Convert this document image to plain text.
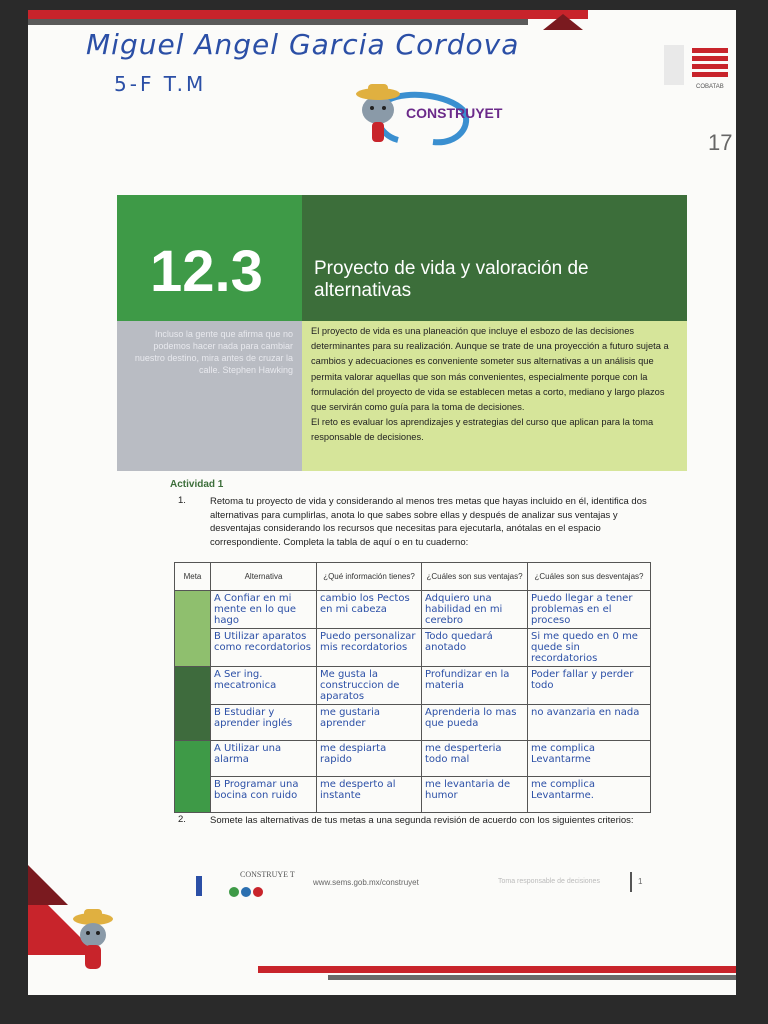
Miguel Angel Garcia Cordova
5-F T.M
CONSTRUYET
COBATAB
17
12.3	Proyecto de vida y valoración de alternativas
Incluso la gente que afirma que no podemos hacer nada para cambiar nuestro destino, mira antes de cruzar la calle. Stephen Hawking

El proyecto de vida es una planeación que incluye el esbozo de las decisiones determinantes para su realización. Aunque se trate de una proyección a futuro sujeta a cambios y adecuaciones es conveniente someter sus alternativas a un análisis que permita valorar aquellas que son más convenientes, especialmente porque con la formulación del proyecto de vida se establecen metas a corto, mediano y largo plazos que servirán como guía para la toma de decisiones.

El reto es evaluar los aprendizajes y estrategias del curso que aplican para la toma responsable de decisiones.

Actividad 1
1.	Retoma tu proyecto de vida y considerando al menos tres metas que hayas incluido en él, identifica dos alternativas para cumplirlas, anota lo que sabes sobre ellas y después de analizar sus ventajas y desventajas considerando los recursos que necesitas para ejecutarla, anótalas en el espacio correspondiente. Completa la tabla de aquí o en tu cuaderno:
Meta	Alternativa	¿Qué información tienes?	¿Cuáles son sus ventajas?	¿Cuáles son sus desventajas?
	A Confiar en mi mente en lo que hago	cambio los Pectos en mi cabeza	Adquiero una habilidad en mi cerebro	Puedo llegar a tener problemas en el proceso
	B Utilizar aparatos como recordatorios	Puedo personalizar mis recordatorios	Todo quedará anotado	Si me quedo en 0 me quede sin recordatorios
	A Ser ing. mecatronica	Me gusta la construccion de aparatos	Profundizar en la materia	Poder fallar y perder todo
	B Estudiar y aprender inglés	me gustaria aprender	Aprenderia lo mas que pueda	no avanzaria en nada
	A Utilizar una alarma	me despiarta rapido	me desperteria todo mal	me complica Levantarme
	B Programar una bocina con ruido	me desperto al instante	me levantaria de humor	me complica Levantarme.
2.	Somete las alternativas de tus metas a una segunda revisión de acuerdo con los siguientes criterios:
CONSTRUYE T
www.sems.gob.mx/construyet	Toma responsable de decisiones	1
